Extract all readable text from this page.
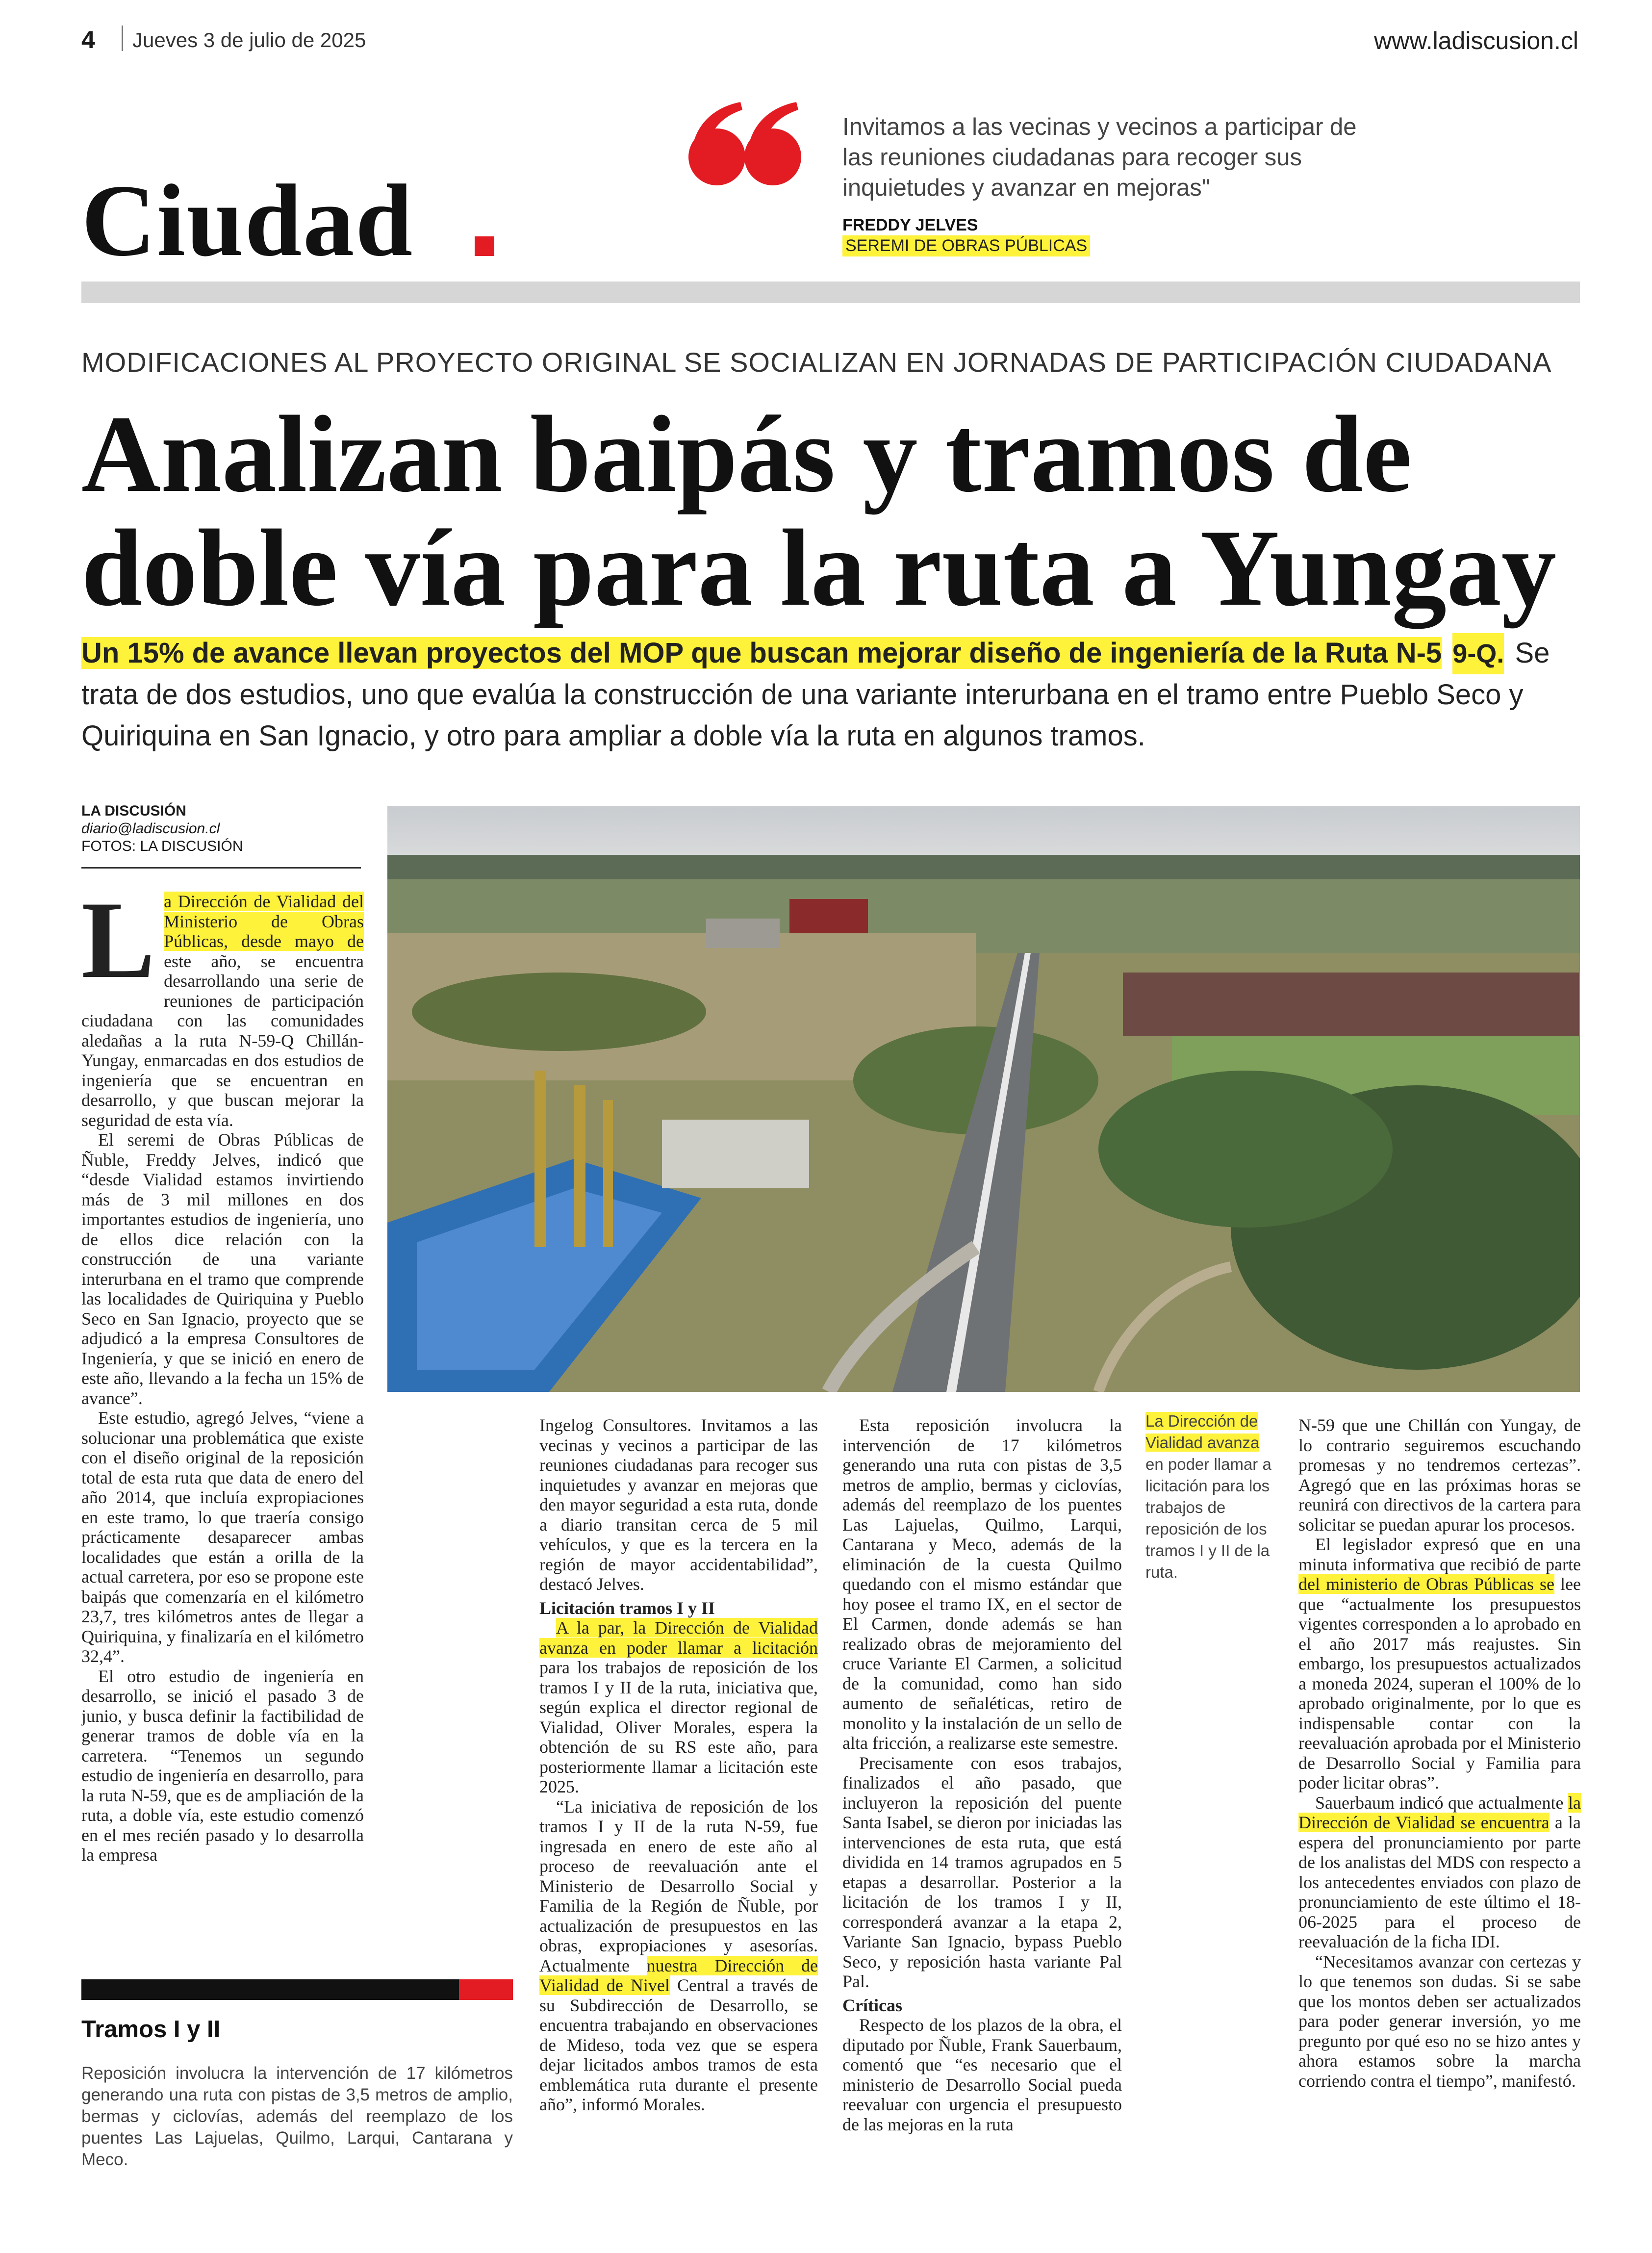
4 Jueves 3 de julio de 2025	www.ladiscusion.cl
Ciudad
Invitamos a las vecinas y vecinos a participar de las reuniones ciudadanas para recoger sus inquietudes y avanzar en mejoras"
FREDDY JELVES
SEREMI DE OBRAS PÚBLICAS
MODIFICACIONES AL PROYECTO ORIGINAL SE SOCIALIZAN EN JORNADAS DE PARTICIPACIÓN CIUDADANA
Analizan baipás y tramos de doble vía para la ruta a Yungay
Un 15% de avance llevan proyectos del MOP que buscan mejorar diseño de ingeniería de la Ruta N-5 9-Q. Se trata de dos estudios, uno que evalúa la construcción de una variante interurbana en el tramo entre Pueblo Seco y Quiriquina en San Ignacio, y otro para ampliar a doble vía la ruta en algunos tramos.
LA DISCUSIÓN
diario@ladiscusion.cl
FOTOS: LA DISCUSIÓN

La Dirección de Vialidad del Ministerio de Obras Públicas, desde mayo de este año, se encuentra desarrollando una serie de reuniones de participación ciudadana con las comunidades aledañas a la ruta N-59-Q Chillán-Yungay, enmarcadas en dos estudios de ingeniería que se encuentran en desarrollo, y que buscan mejorar la seguridad de esta vía.

El seremi de Obras Públicas de Ñuble, Freddy Jelves, indicó que “desde Vialidad estamos invirtiendo más de 3 mil millones en dos importantes estudios de ingeniería, uno de ellos dice relación con la construcción de una variante interurbana en el tramo que comprende las localidades de Quiriquina y Pueblo Seco en San Ignacio, proyecto que se adjudicó a la empresa Consultores de Ingeniería, y que se inició en enero de este año, llevando a la fecha un 15% de avance”.

Este estudio, agregó Jelves, “viene a solucionar una problemática que existe con el diseño original de la reposición total de esta ruta que data de enero del año 2014, que incluía expropiaciones en este tramo, lo que traería consigo prácticamente desaparecer ambas localidades que están a orilla de la actual carretera, por eso se propone este baipás que comenzaría en el kilómetro 23,7, tres kilómetros antes de llegar a Quiriquina, y finalizaría en el kilómetro 32,4”.

El otro estudio de ingeniería en desarrollo, se inició el pasado 3 de junio, y busca definir la factibilidad de generar tramos de doble vía en la carretera. “Tenemos un segundo estudio de ingeniería en desarrollo, para la ruta N-59, que es de ampliación de la ruta, a doble vía, este estudio comenzó en el mes recién pasado y lo desarrolla la empresa

Ingelog Consultores. Invitamos a las vecinas y vecinos a participar de las reuniones ciudadanas para recoger sus inquietudes y avanzar en mejoras que den mayor seguridad a esta ruta, donde a diario transitan cerca de 5 mil vehículos, y que es la tercera en la región de mayor accidentabilidad”, destacó Jelves.

Licitación tramos I y II

A la par, la Dirección de Vialidad avanza en poder llamar a licitación para los trabajos de reposición de los tramos I y II de la ruta, iniciativa que, según explica el director regional de Vialidad, Oliver Morales, espera la obtención de su RS este año, para posteriormente llamar a licitación este 2025.

“La iniciativa de reposición de los tramos I y II de la ruta N-59, fue ingresada en enero de este año al proceso de reevaluación ante el Ministerio de Desarrollo Social y Familia de la Región de Ñuble, por actualización de presupuestos en las obras, expropiaciones y asesorías. Actualmente nuestra Dirección de Vialidad de Nivel Central a través de su Subdirección de Desarrollo, se encuentra trabajando en observaciones de Mideso, toda vez que se espera dejar licitados ambos tramos de esta emblemática ruta durante el presente año”, informó Morales.

Esta reposición involucra la intervención de 17 kilómetros generando una ruta con pistas de 3,5 metros de amplio, bermas y ciclovías, además del reemplazo de los puentes Las Lajuelas, Quilmo, Larqui, Cantarana y Meco, además de la eliminación de la cuesta Quilmo quedando con el mismo estándar que hoy posee el tramo IX, en el sector de El Carmen, donde además se han realizado obras de mejoramiento del cruce Variante El Carmen, a solicitud de la comunidad, como han sido aumento de señaléticas, retiro de monolito y la instalación de un sello de alta fricción, a realizarse este semestre.

Precisamente con esos trabajos, finalizados el año pasado, que incluyeron la reposición del puente Santa Isabel, se dieron por iniciadas las intervenciones de esta ruta, que está dividida en 14 tramos agrupados en 5 etapas a desarrollar. Posterior a la licitación de los tramos I y II, corresponderá avanzar a la etapa 2, Variante San Ignacio, bypass Pueblo Seco, y reposición hasta variante Pal Pal.

Críticas

Respecto de los plazos de la obra, el diputado por Ñuble, Frank Sauerbaum, comentó que “es necesario que el ministerio de Desarrollo Social pueda reevaluar con urgencia el presupuesto de las mejoras en la ruta

La Dirección de Vialidad avanza en poder llamar a licitación para los trabajos de reposición de los tramos I y II de la ruta.

N-59 que une Chillán con Yungay, de lo contrario seguiremos escuchando promesas y no tendremos certezas”. Agregó que en las próximas horas se reunirá con directivos de la cartera para solicitar se puedan apurar los procesos.

El legislador expresó que en una minuta informativa que recibió de parte del ministerio de Obras Públicas se lee que “actualmente los presupuestos vigentes corresponden a lo aprobado en el año 2017 más reajustes. Sin embargo, los presupuestos actualizados a moneda 2024, superan el 100% de lo aprobado originalmente, por lo que es indispensable contar con la reevaluación aprobada por el Ministerio de Desarrollo Social y Familia para poder licitar obras”.

Sauerbaum indicó que actualmente la Dirección de Vialidad se encuentra a la espera del pronunciamiento por parte de los analistas del MDS con respecto a los antecedentes enviados con plazo de pronunciamiento de este último el 18-06-2025 para el proceso de reevaluación de la ficha IDI.

“Necesitamos avanzar con certezas y lo que tenemos son dudas. Si se sabe que los montos deben ser actualizados para poder generar inversión, yo me pregunto por qué eso no se hizo antes y ahora estamos sobre la marcha corriendo contra el tiempo”, manifestó.

Tramos I y II
Reposición involucra la intervención de 17 kilómetros generando una ruta con pistas de 3,5 metros de amplio, bermas y ciclovías, además del reemplazo de los puentes Las Lajuelas, Quilmo, Larqui, Cantarana y Meco.
